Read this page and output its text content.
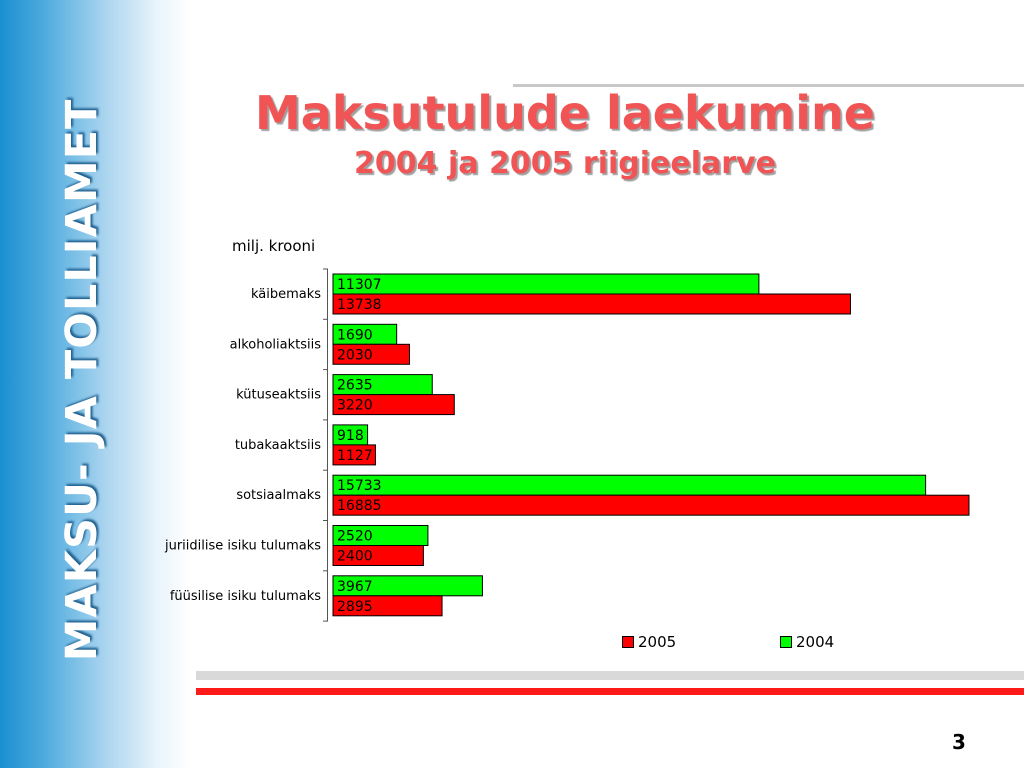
MAKSU- JA TOLLIAMET	Maksutulude laekumine
2004 ja 2005 riigieelarve
milj. krooni
käibemaks
11307
13738
alkoholiaktsiis
1690
2030
kütuseaktsiis
2635
3220
tubakaaktsiis
918
1127
sotsiaalmaks
15733
16885
juriidilise isiku tulumaks
2520
2400
füüsilise isiku tulumaks
3967
2895
2005	2004
3
